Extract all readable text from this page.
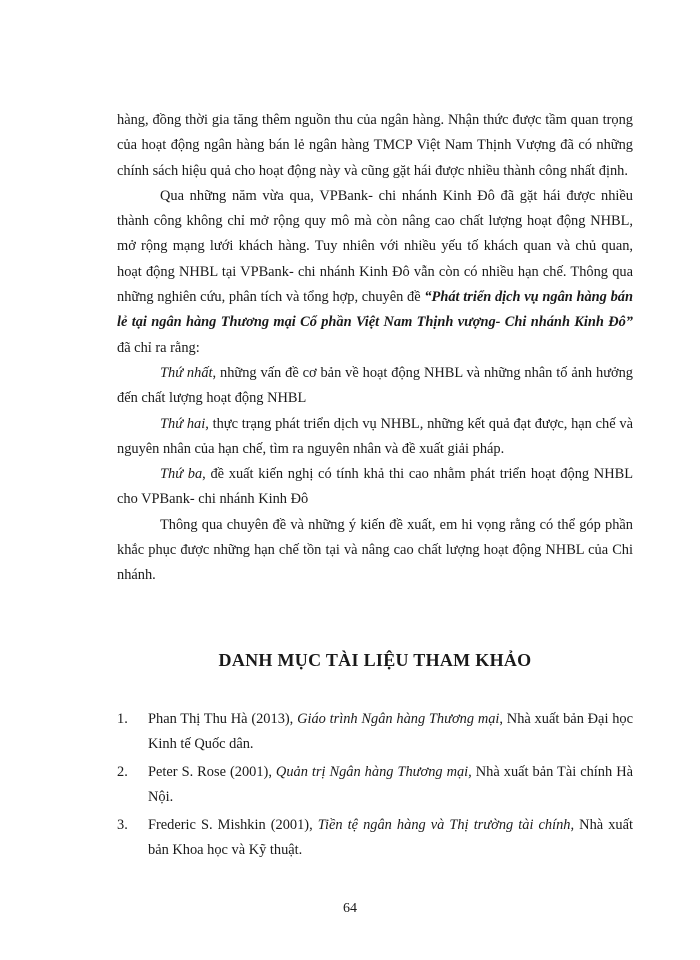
hàng, đồng thời gia tăng thêm nguồn thu của ngân hàng. Nhận thức được tầm quan trọng của hoạt động ngân hàng bán lẻ ngân hàng TMCP Việt Nam Thịnh Vượng đã có những chính sách hiệu quả cho hoạt động này và cũng gặt hái được nhiều thành công nhất định.

Qua những năm vừa qua, VPBank- chi nhánh Kinh Đô đã gặt hái được nhiều thành công không chỉ mở rộng quy mô mà còn nâng cao chất lượng hoạt động NHBL, mở rộng mạng lưới khách hàng. Tuy nhiên với nhiều yếu tố khách quan và chủ quan, hoạt động NHBL tại VPBank- chi nhánh Kinh Đô vẫn còn có nhiều hạn chế. Thông qua những nghiên cứu, phân tích và tổng hợp, chuyên đề “Phát triển dịch vụ ngân hàng bán lẻ tại ngân hàng Thương mại Cổ phần Việt Nam Thịnh vượng- Chi nhánh Kinh Đô” đã chỉ ra rằng:

Thứ nhất, những vấn đề cơ bản về hoạt động NHBL và những nhân tố ảnh hưởng đến chất lượng hoạt động NHBL

Thứ hai, thực trạng phát triển dịch vụ NHBL, những kết quả đạt được, hạn chế và nguyên nhân của hạn chế, tìm ra nguyên nhân và đề xuất giải pháp.

Thứ ba, đề xuất kiến nghị có tính khả thi cao nhằm phát triển hoạt động NHBL cho VPBank- chi nhánh Kinh Đô

Thông qua chuyên đề và những ý kiến đề xuất, em hi vọng rằng có thể góp phần khắc phục được những hạn chế tồn tại và nâng cao chất lượng hoạt động NHBL của Chi nhánh.

DANH MỤC TÀI LIỆU THAM KHẢO
1. Phan Thị Thu Hà (2013), Giáo trình Ngân hàng Thương mại, Nhà xuất bản Đại học Kinh tế Quốc dân.
2. Peter S. Rose (2001), Quản trị Ngân hàng Thương mại, Nhà xuất bản Tài chính Hà Nội.
3. Frederic S. Mishkin (2001), Tiền tệ ngân hàng và Thị trường tài chính, Nhà xuất bản Khoa học và Kỹ thuật.
64
